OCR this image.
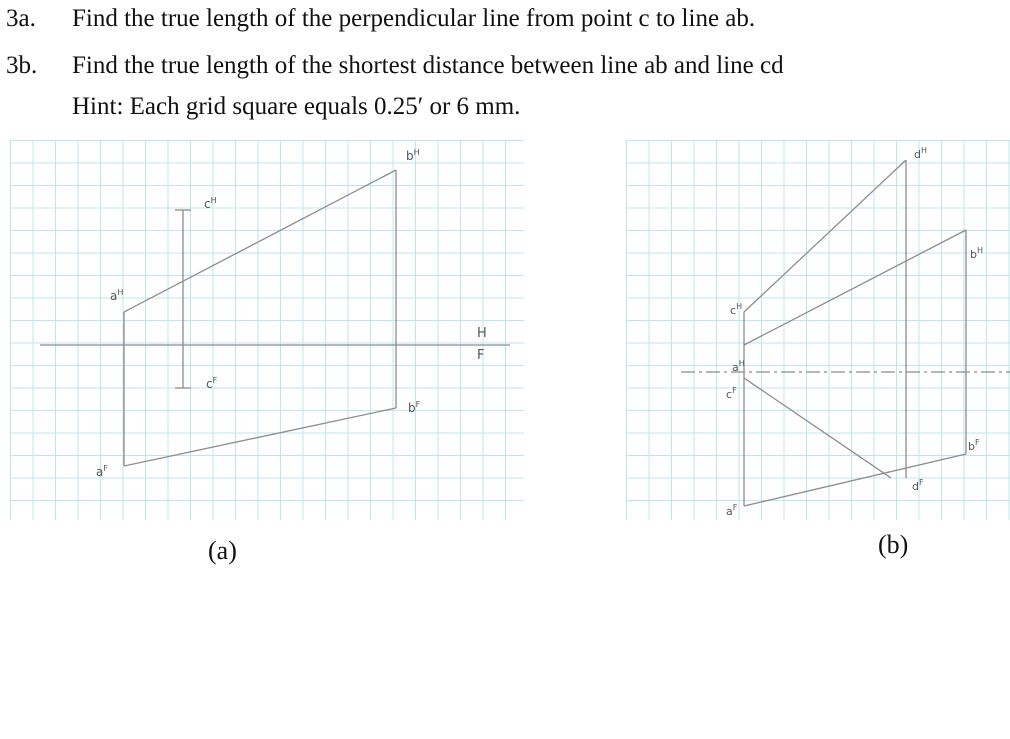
3a. Find the true length of the perpendicular line from point c to line ab.
3b. Find the true length of the shortest distance between line ab and line cd
Hint: Each grid square equals 0.25′ or 6 mm.
$b^H$
$c^H$
$a^H$
H
F
$c^F$
$b^F$
$a^F$
$d^H$
$b^H$
$c^H$
$a^H$
$c^F$
$b^F$
$d^F$
$a^F$
(a)	(b)
